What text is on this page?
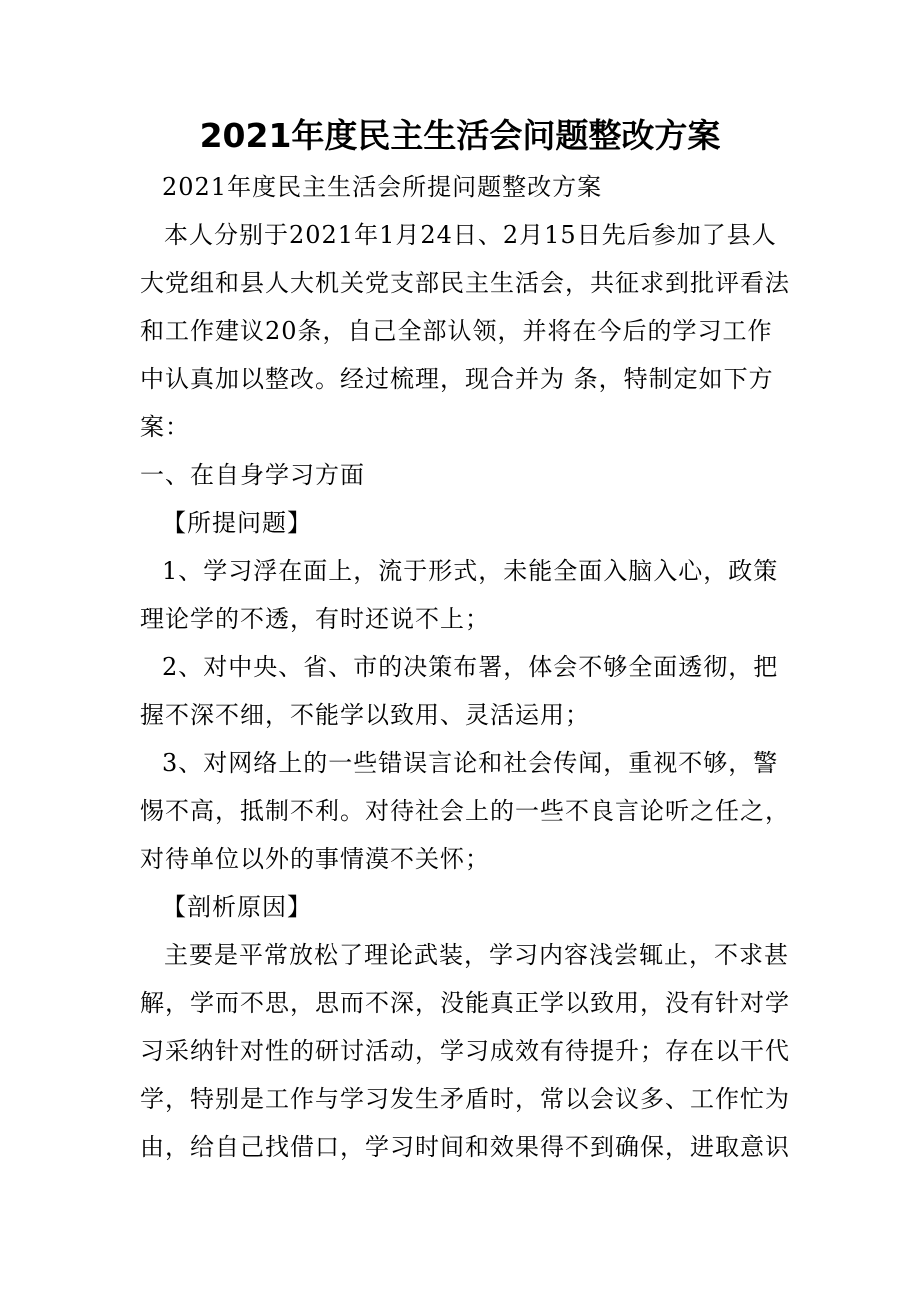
2021年度民主生活会问题整改方案
2021年度民主生活会所提问题整改方案
本人分别于2021年1月24日、2月15日先后参加了县人
大党组和县人大机关党支部民主生活会，共征求到批评看法
和工作建议20条，自己全部认领，并将在今后的学习工作
中认真加以整改。经过梳理，现合并为 条，特制定如下方
案：
一、在自身学习方面
【所提问题】
1、学习浮在面上，流于形式，未能全面入脑入心，政策
理论学的不透，有时还说不上；
2、对中央、省、市的决策布署，体会不够全面透彻，把
握不深不细，不能学以致用、灵活运用；
3、对网络上的一些错误言论和社会传闻，重视不够，警
惕不高，抵制不利。对待社会上的一些不良言论听之任之，
对待单位以外的事情漠不关怀；
【剖析原因】
主要是平常放松了理论武装，学习内容浅尝辄止，不求甚
解，学而不思，思而不深，没能真正学以致用，没有针对学
习采纳针对性的研讨活动，学习成效有待提升；存在以干代
学，特别是工作与学习发生矛盾时，常以会议多、工作忙为
由，给自己找借口，学习时间和效果得不到确保，进取意识
